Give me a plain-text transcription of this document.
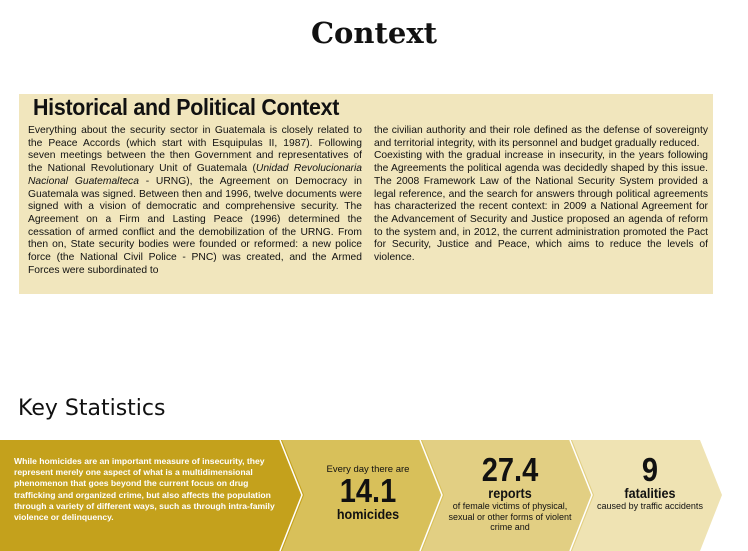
Context
Historical and Political Context

Everything about the security sector in Guatemala is closely related to the Peace Accords (which start with Esquipulas II, 1987). Following seven meetings between the then Government and representatives of the National Revolutionary Unit of Guatemala (Unidad Revolucionaria Nacional Guatemalteca - URNG), the Agreement on Democracy in Guatemala was signed. Between then and 1996, twelve documents were signed with a vision of democratic and comprehensive security. The Agreement on a Firm and Lasting Peace (1996) determined the cessation of armed conflict and the demobilization of the URNG. From then on, State security bodies were founded or reformed: a new police force (the National Civil Police - PNC) was created, and the Armed Forces were subordinated to

the civilian authority and their role defined as the defense of sovereignty and territorial integrity, with its personnel and budget gradually reduced.

Coexisting with the gradual increase in insecurity, in the years following the Agreements the political agenda was decidedly shaped by this issue. The 2008 Framework Law of the National Security System provided a legal reference, and the search for answers through political agreements has characterized the recent context: in 2009 a National Agreement for the Advancement of Security and Justice proposed an agenda of reform to the system and, in 2012, the current administration promoted the Pact for Security, Justice and Peace, which aims to reduce the levels of violence.

Key Statistics
While homicides are an important measure of insecurity, they represent merely one aspect of what is a multidimensional phenomenon that goes beyond the current focus on drug trafficking and organized crime, but also affects the population through a variety of different ways, such as through intra-family violence or delinquency.
Every day there are
14.1
homicides
27.4
reports
of female victims of physical, sexual or other forms of violent crime and
9
fatalities
caused by traffic accidents
